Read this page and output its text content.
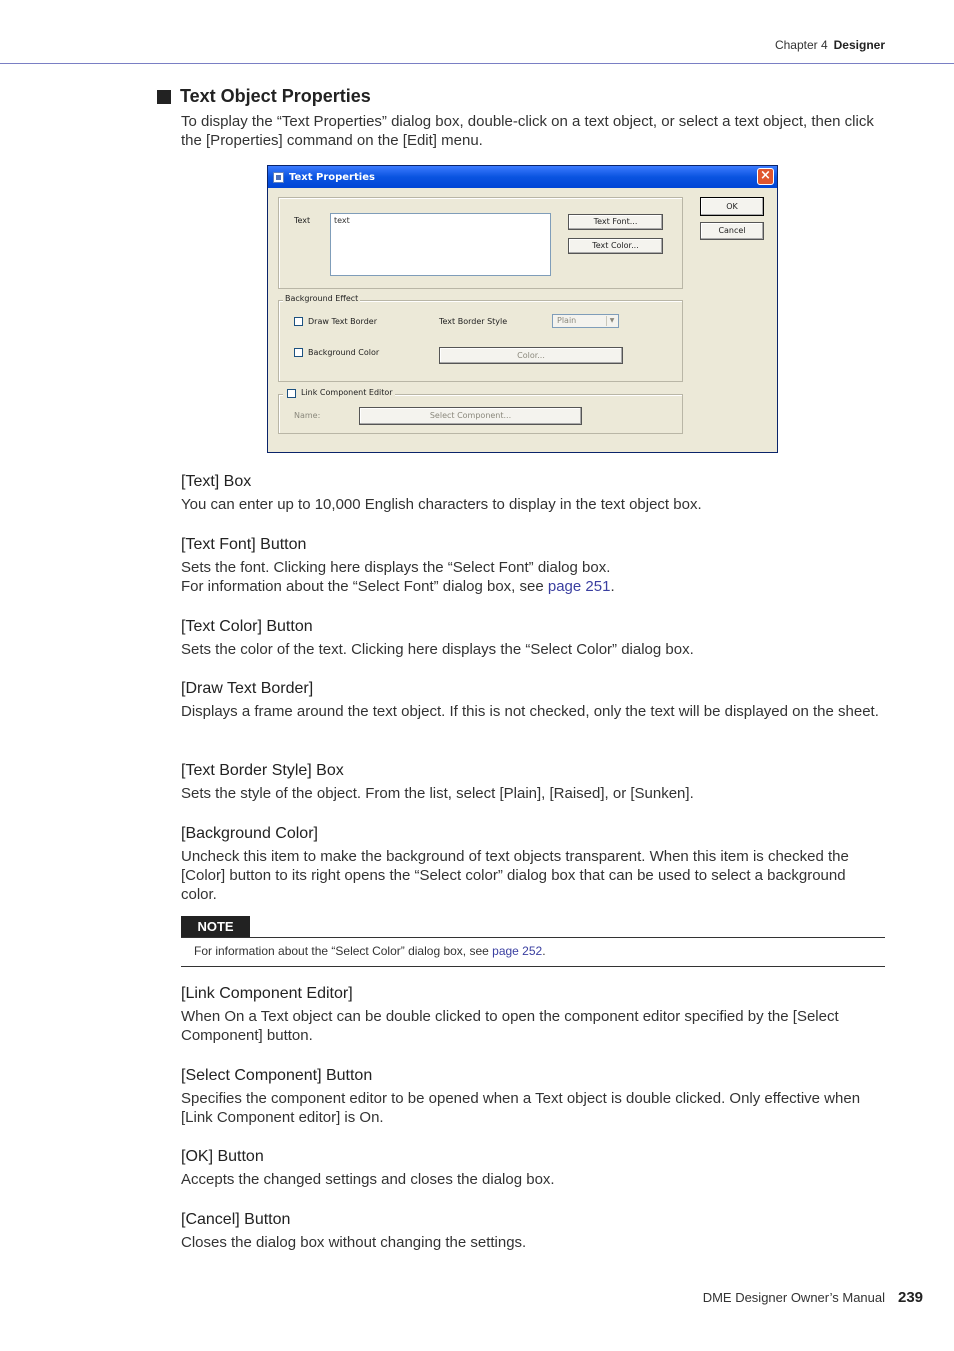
Chapter 4 Designer
Text Object Properties
To display the “Text Properties” dialog box, double-click on a text object, or select a text object, then click the [Properties] command on the [Edit] menu.
Text Properties	×
Text	text	Text Font...
Text Color...
OK
Cancel
Background Effect
Draw Text Border	Text Border Style	Plain	▼
Background Color	Color...
Link Component Editor
Name:	Select Component...
[Text] Box
You can enter up to 10,000 English characters to display in the text object box.
[Text Font] Button
Sets the font. Clicking here displays the “Select Font” dialog box.
For information about the “Select Font” dialog box, see page 251.
[Text Color] Button
Sets the color of the text. Clicking here displays the “Select Color” dialog box.
[Draw Text Border]
Displays a frame around the text object. If this is not checked, only the text will be displayed on the sheet.
[Text Border Style] Box
Sets the style of the object. From the list, select [Plain], [Raised], or [Sunken].
[Background Color]
Uncheck this item to make the background of text objects transparent. When this item is checked the [Color] button to its right opens the “Select color” dialog box that can be used to select a background color.
NOTE
For information about the “Select Color” dialog box, see page 252.
[Link Component Editor]
When On a Text object can be double clicked to open the component editor specified by the [Select Component] button.
[Select Component] Button
Specifies the component editor to be opened when a Text object is double clicked. Only effective when [Link Component editor] is On.
[OK] Button
Accepts the changed settings and closes the dialog box.
[Cancel] Button
Closes the dialog box without changing the settings.
DME Designer Owner’s Manual 239
